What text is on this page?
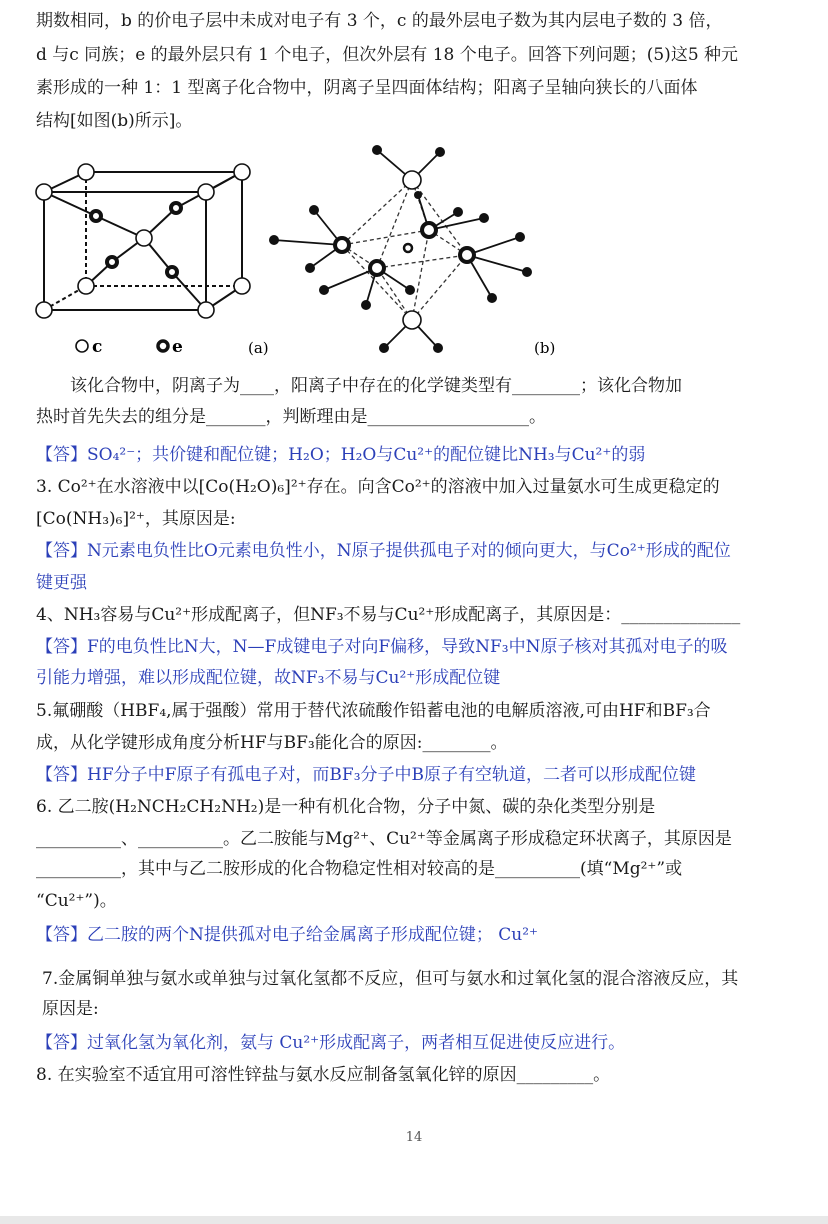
期数相同，b 的价电子层中未成对电子有 3 个，c 的最外层电子数为其内层电子数的 3 倍，
d 与c 同族；e 的最外层只有 1 个电子，但次外层有 18 个电子。回答下列问题；(5)这5 种元
素形成的一种 1：1 型离子化合物中，阴离子呈四面体结构；阳离子呈轴向狭长的八面体
结构[如图(b)所示]。
c	e	(a)	(b)
该化合物中，阴离子为____，阳离子中存在的化学键类型有________；该化合物加
热时首先失去的组分是_______，判断理由是___________________。
【答】SO₄²⁻；共价键和配位键；H₂O；H₂O与Cu²⁺的配位键比NH₃与Cu²⁺的弱
3. Co²⁺在水溶液中以[Co(H₂O)₆]²⁺存在。向含Co²⁺的溶液中加入过量氨水可生成更稳定的
[Co(NH₃)₆]²⁺，其原因是:
【答】N元素电负性比O元素电负性小，N原子提供孤电子对的倾向更大，与Co²⁺形成的配位
键更强
4、NH₃容易与Cu²⁺形成配离子，但NF₃不易与Cu²⁺形成配离子，其原因是：______________
【答】F的电负性比N大，N—F成键电子对向F偏移，导致NF₃中N原子核对其孤对电子的吸
引能力增强，难以形成配位键，故NF₃不易与Cu²⁺形成配位键
5.氟硼酸（HBF₄,属于强酸）常用于替代浓硫酸作铅蓄电池的电解质溶液,可由HF和BF₃合
成，从化学键形成角度分析HF与BF₃能化合的原因:________。
【答】HF分子中F原子有孤电子对，而BF₃分子中B原子有空轨道，二者可以形成配位键
6. 乙二胺(H₂NCH₂CH₂NH₂)是一种有机化合物，分子中氮、碳的杂化类型分别是
__________、__________。乙二胺能与Mg²⁺、Cu²⁺等金属离子形成稳定环状离子，其原因是
__________，其中与乙二胺形成的化合物稳定性相对较高的是__________(填“Mg²⁺”或
“Cu²⁺”)。
【答】乙二胺的两个N提供孤对电子给金属离子形成配位键； Cu²⁺
7.金属铜单独与氨水或单独与过氧化氢都不反应，但可与氨水和过氧化氢的混合溶液反应，其
原因是:
【答】过氧化氢为氧化剂，氨与 Cu²⁺形成配离子，两者相互促进使反应进行。
8. 在实验室不适宜用可溶性锌盐与氨水反应制备氢氧化锌的原因_________。
14
